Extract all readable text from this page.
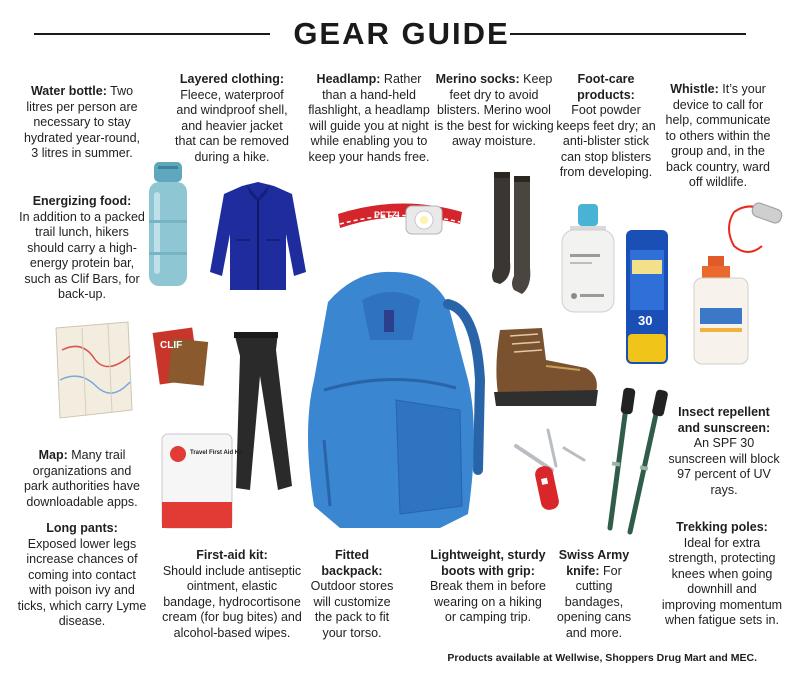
GEAR GUIDE
Water bottle: Two litres per person are necessary to stay hydrated year-round, 3 litres in summer.
Energizing food:
In addition to a packed trail lunch, hikers should carry a high-energy protein bar, such as Clif Bars, for back-up.
Map: Many trail organizations and park authorities have downloadable apps.
Long pants:
Exposed lower legs increase chances of coming into contact with poison ivy and ticks, which carry Lyme disease.
Layered clothing:
Fleece, waterproof and windproof shell, and heavier jacket that can be removed during a hike.
First-aid kit:
Should include antiseptic ointment, elastic bandage, hydrocortisone cream (for bug bites) and alcohol-based wipes.
Headlamp: Rather than a hand-held flashlight, a headlamp will guide you at night while enabling you to keep your hands free.
Fitted backpack:
Outdoor stores will customize the pack to fit your torso.
Merino socks: Keep feet dry to avoid blisters. Merino wool is the best for wicking away moisture.
Lightweight, sturdy boots with grip: Break them in before wearing on a hiking or camping trip.
Foot-care products:
Foot powder keeps feet dry; an anti-blister stick can stop blisters from developing.
Swiss Army knife: For cutting bandages, opening cans and more.
Whistle: It’s your device to call for help, communicate to others within the group and, in the back country, ward off wildlife.
Insect repellent and sunscreen:
An SPF 30 sunscreen will block 97 percent of UV rays.
Trekking poles:
Ideal for extra strength, protecting knees when going downhill and improving momentum when fatigue sets in.
Products available at Wellwise, Shoppers Drug Mart and MEC.
PETZL
30
CLIF
Travel First Aid Kit
